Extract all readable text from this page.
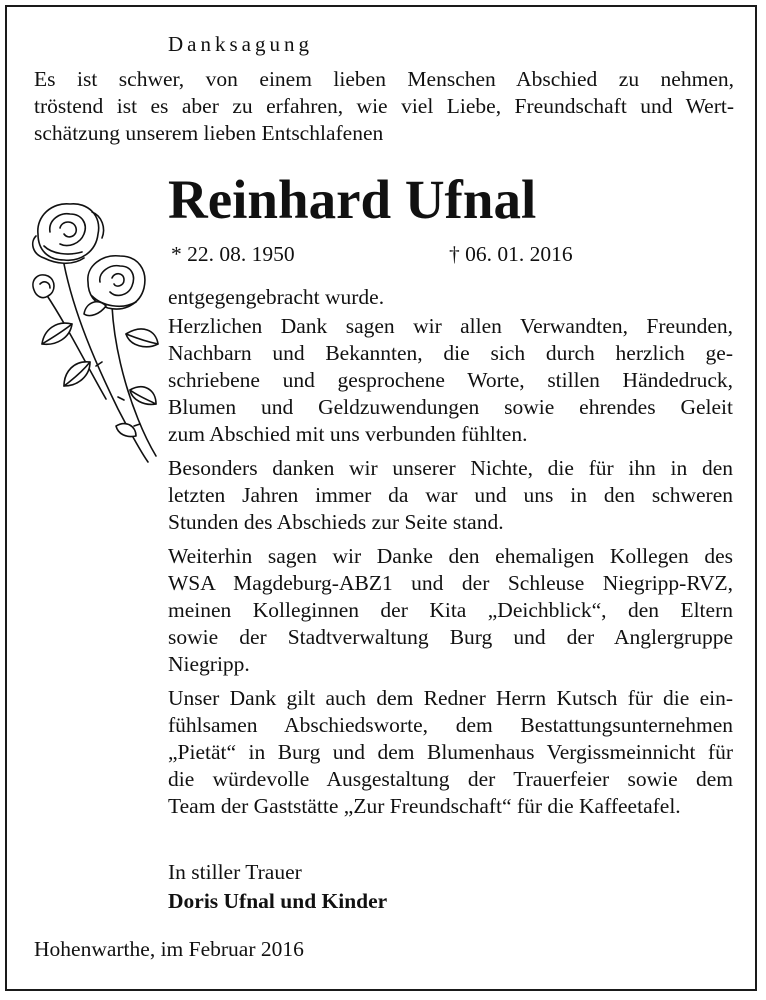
Danksagung
Es ist schwer, von einem lieben Menschen Abschied zu nehmen,
tröstend ist es aber zu erfahren, wie viel Liebe, Freundschaft und Wert-
schätzung unserem lieben Entschlafenen
Reinhard Ufnal
* 22. 08. 1950	† 06. 01. 2016

entgegengebracht wurde.

Herzlichen Dank sagen wir allen Verwandten, Freunden,
Nachbarn und Bekannten, die sich durch herzlich ge-
schriebene und gesprochene Worte, stillen Händedruck,
Blumen und Geldzuwendungen sowie ehrendes Geleit
zum Abschied mit uns verbunden fühlten.

Besonders danken wir unserer Nichte, die für ihn in den
letzten Jahren immer da war und uns in den schweren
Stunden des Abschieds zur Seite stand.

Weiterhin sagen wir Danke den ehemaligen Kollegen des
WSA Magdeburg-ABZ1 und der Schleuse Niegripp-RVZ,
meinen Kolleginnen der Kita „Deichblick“, den Eltern
sowie der Stadtverwaltung Burg und der Anglergruppe
Niegripp.

Unser Dank gilt auch dem Redner Herrn Kutsch für die ein-
fühlsamen Abschiedsworte, dem Bestattungsunternehmen
„Pietät“ in Burg und dem Blumenhaus Vergissmeinnicht für
die würdevolle Ausgestaltung der Trauerfeier sowie dem
Team der Gaststätte „Zur Freundschaft“ für die Kaffeetafel.

In stiller Trauer
Doris Ufnal und Kinder
Hohenwarthe, im Februar 2016
